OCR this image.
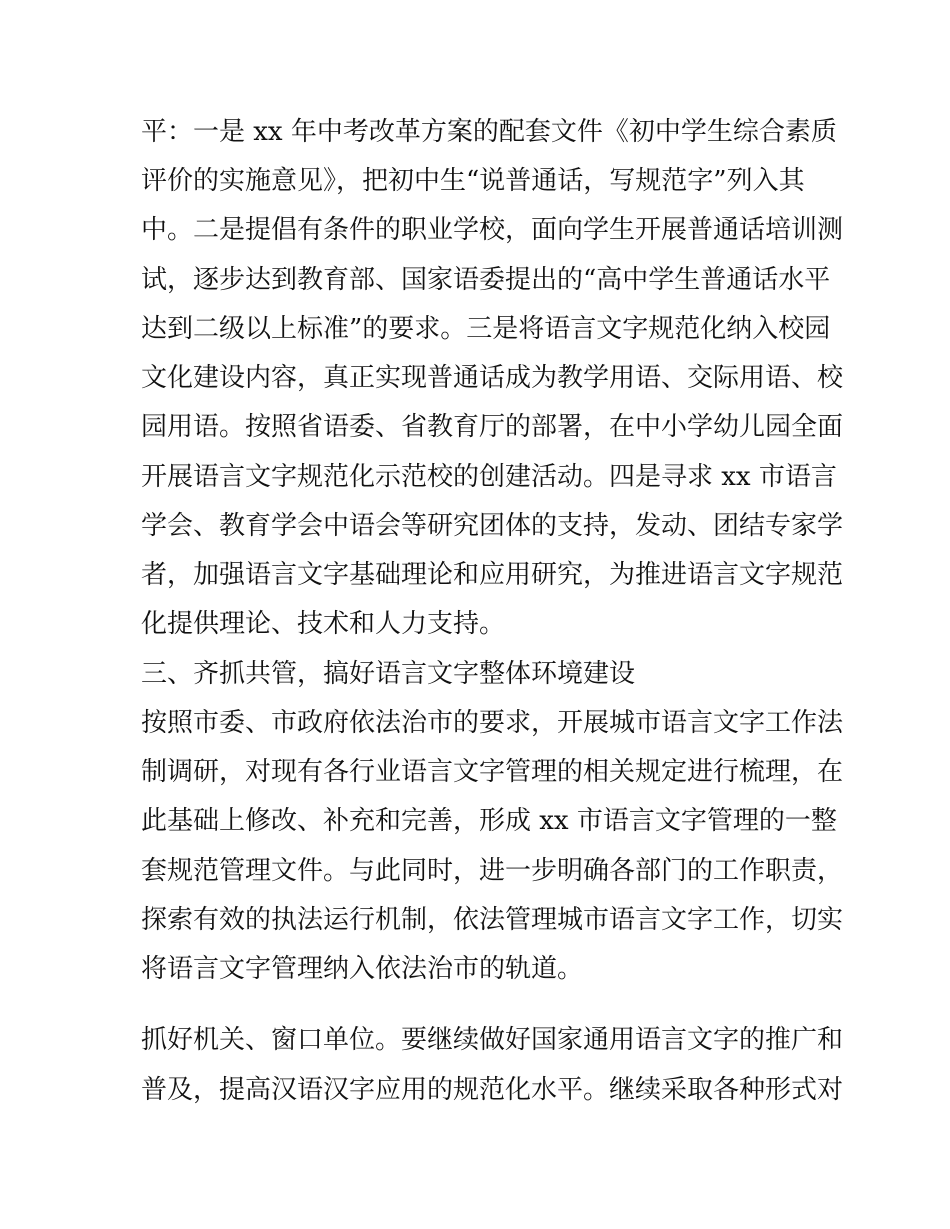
平：一是 xx 年中考改革方案的配套文件《初中学生综合素质
评价的实施意见》，把初中生“说普通话，写规范字”列入其
中。二是提倡有条件的职业学校，面向学生开展普通话培训测
试，逐步达到教育部、国家语委提出的“高中学生普通话水平
达到二级以上标准”的要求。三是将语言文字规范化纳入校园
文化建设内容，真正实现普通话成为教学用语、交际用语、校
园用语。按照省语委、省教育厅的部署，在中小学幼儿园全面
开展语言文字规范化示范校的创建活动。四是寻求 xx 市语言
学会、教育学会中语会等研究团体的支持，发动、团结专家学
者，加强语言文字基础理论和应用研究，为推进语言文字规范
化提供理论、技术和人力支持。
三、齐抓共管，搞好语言文字整体环境建设
按照市委、市政府依法治市的要求，开展城市语言文字工作法
制调研，对现有各行业语言文字管理的相关规定进行梳理，在
此基础上修改、补充和完善，形成 xx 市语言文字管理的一整
套规范管理文件。与此同时，进一步明确各部门的工作职责，
探索有效的执法运行机制，依法管理城市语言文字工作，切实
将语言文字管理纳入依法治市的轨道。
抓好机关、窗口单位。要继续做好国家通用语言文字的推广和
普及，提高汉语汉字应用的规范化水平。继续采取各种形式对
